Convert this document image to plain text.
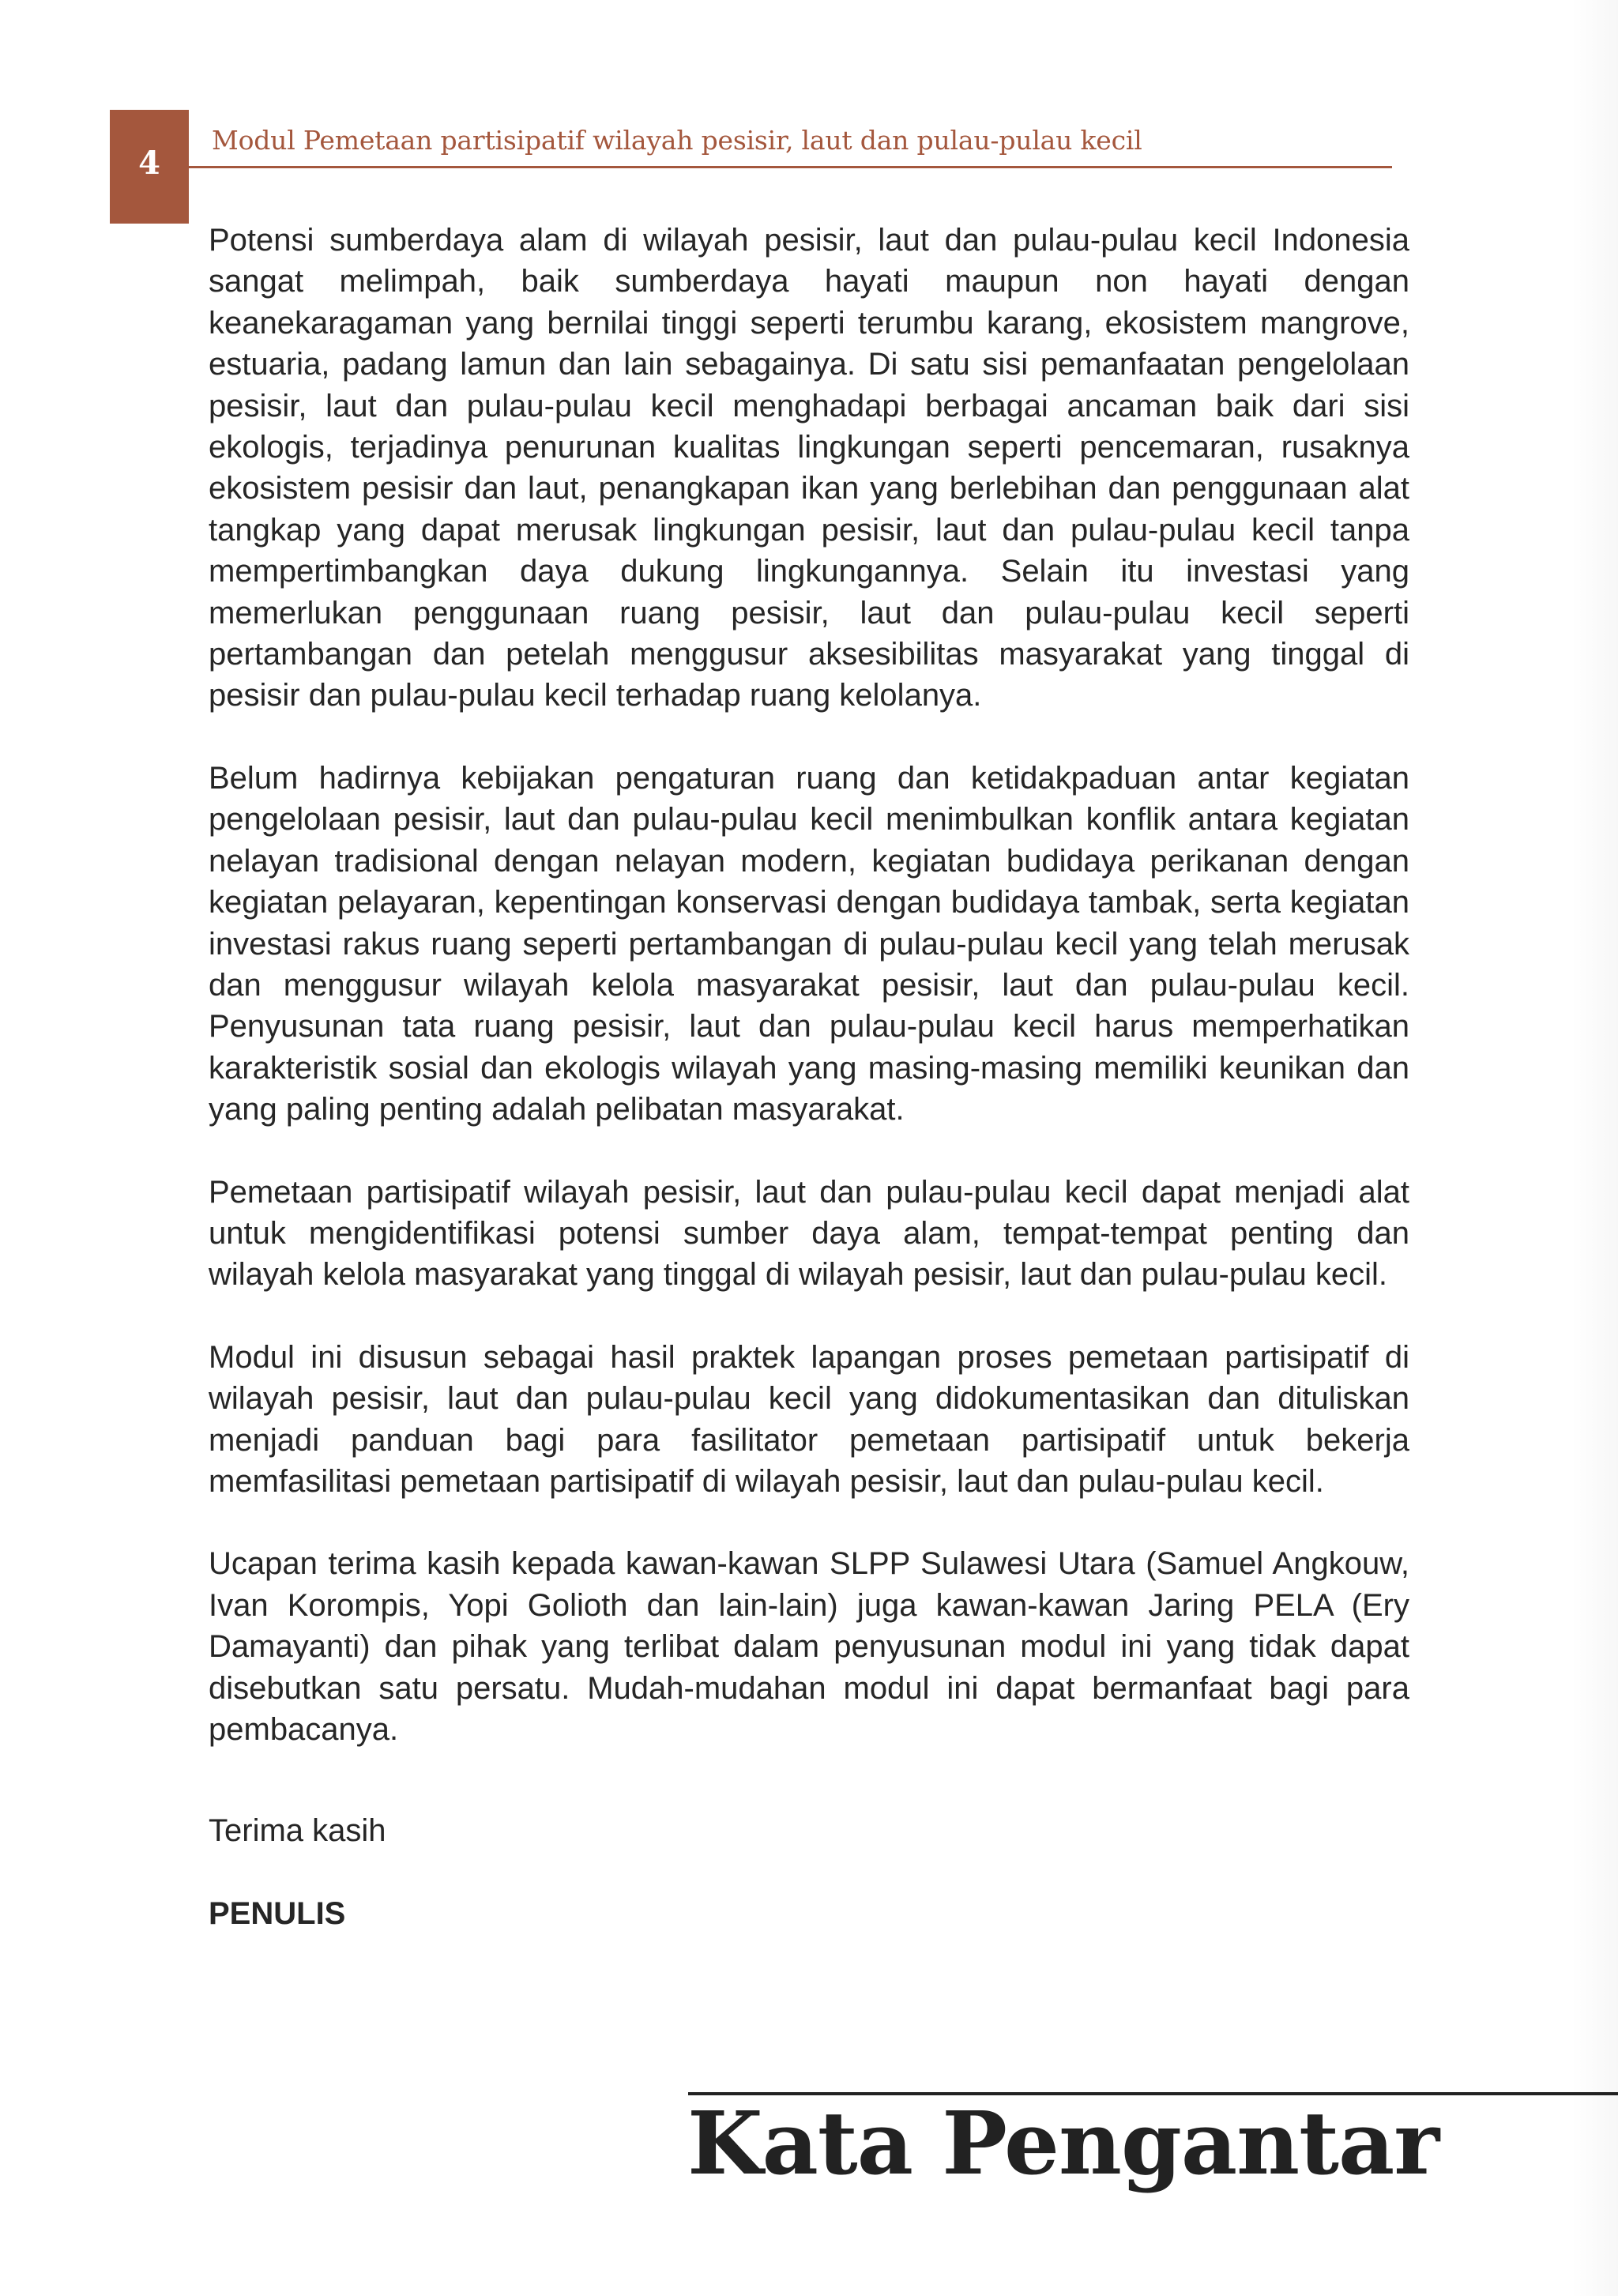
4
Modul Pemetaan partisipatif wilayah pesisir, laut dan pulau-pulau kecil

Potensi sumberdaya alam di wilayah pesisir, laut dan pulau-pulau kecil Indonesia sangat melimpah, baik sumberdaya hayati maupun non hayati dengan keanekaragaman yang bernilai tinggi seperti terumbu karang, ekosistem mangrove, estuaria, padang lamun dan lain sebagainya. Di satu sisi pemanfaatan pengelolaan pesisir, laut dan pulau-pulau kecil menghadapi berbagai ancaman baik dari sisi ekologis, terjadinya penurunan kualitas lingkungan seperti pencemaran, rusaknya ekosistem pesisir dan laut, penangkapan ikan yang berlebihan dan penggunaan alat tangkap yang dapat merusak lingkungan pesisir, laut dan pulau-pulau kecil tanpa mempertimbangkan daya dukung lingkungannya. Selain itu investasi yang memerlukan penggunaan ruang pesisir, laut dan pulau-pulau kecil seperti pertambangan dan petelah menggusur aksesibilitas masyarakat yang tinggal di pesisir dan pulau-pulau kecil terhadap ruang kelolanya.

Belum hadirnya kebijakan pengaturan ruang dan ketidakpaduan antar kegiatan pengelolaan pesisir, laut dan pulau-pulau kecil menimbulkan konflik antara kegiatan nelayan tradisional dengan nelayan modern, kegiatan budidaya perikanan dengan kegiatan pelayaran, kepentingan konservasi dengan budidaya tambak, serta kegiatan investasi rakus ruang seperti pertambangan di pulau-pulau kecil yang telah merusak dan menggusur wilayah kelola masyarakat pesisir, laut dan pulau-pulau kecil. Penyusunan tata ruang pesisir, laut dan pulau-pulau kecil harus memperhatikan karakteristik sosial dan ekologis wilayah yang masing-masing memiliki keunikan dan yang paling penting adalah pelibatan masyarakat.

Pemetaan partisipatif wilayah pesisir, laut dan pulau-pulau kecil dapat menjadi alat untuk mengidentifikasi potensi sumber daya alam, tempat-tempat penting dan wilayah kelola masyarakat yang tinggal di wilayah pesisir, laut dan pulau-pulau kecil.

Modul ini disusun sebagai hasil praktek lapangan proses pemetaan partisipatif di wilayah pesisir, laut dan pulau-pulau kecil yang didokumentasikan dan dituliskan menjadi panduan bagi para fasilitator pemetaan partisipatif untuk bekerja memfasilitasi pemetaan partisipatif di wilayah pesisir, laut dan pulau-pulau kecil.

Ucapan terima kasih kepada kawan-kawan SLPP Sulawesi Utara (Samuel Angkouw, Ivan Korompis, Yopi Golioth dan lain-lain) juga kawan-kawan Jaring PELA (Ery Damayanti) dan pihak yang terlibat dalam penyusunan modul ini yang tidak dapat disebutkan satu persatu. Mudah-mudahan modul ini dapat bermanfaat bagi para pembacanya.

Terima kasih
PENULIS
Kata Pengantar
